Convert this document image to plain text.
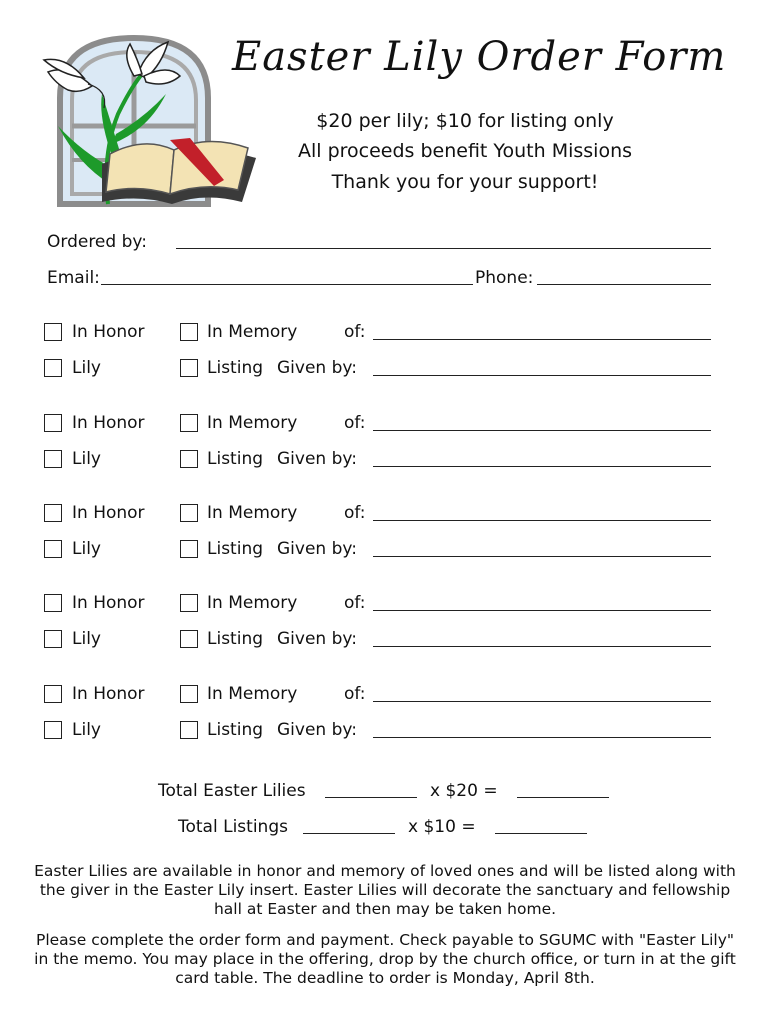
Easter Lily Order Form
$20 per lily; $10 for listing only
All proceeds benefit Youth Missions
Thank you for your support!
Ordered by:
Email:	Phone:
In Honor	In Memory	of:
Lily	Listing Given by:
In Honor	In Memory	of:
Lily	Listing Given by:
In Honor	In Memory	of:
Lily	Listing Given by:
In Honor	In Memory	of:
Lily	Listing Given by:
In Honor	In Memory	of:
Lily	Listing Given by:
Total Easter Lilies	x $20 =
Total Listings	x $10 =
Easter Lilies are available in honor and memory of loved ones and will be listed along with the giver in the Easter Lily insert. Easter Lilies will decorate the sanctuary and fellowship hall at Easter and then may be taken home.
Please complete the order form and payment. Check payable to SGUMC with "Easter Lily" in the memo. You may place in the offering, drop by the church office, or turn in at the gift card table. The deadline to order is Monday, April 8th.
